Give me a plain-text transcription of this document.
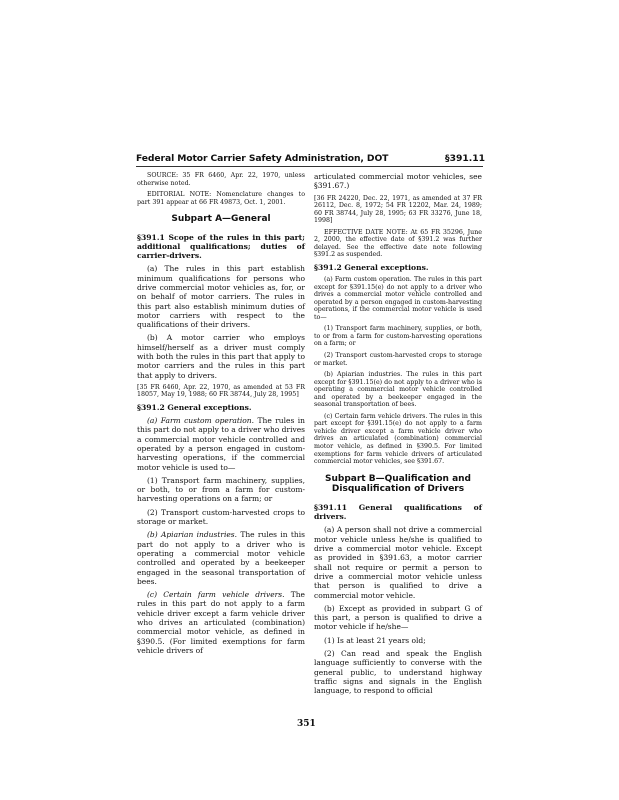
Federal Motor Carrier Safety Administration, DOT	§391.11

SOURCE: 35 FR 6460, Apr. 22, 1970, unless otherwise noted.

EDITORIAL NOTE: Nomenclature changes to part 391 appear at 66 FR 49873, Oct. 1, 2001.

Subpart A—General

§391.1 Scope of the rules in this part; additional qualifications; duties of carrier-drivers.

(a) The rules in this part establish minimum qualifications for persons who drive commercial motor vehicles as, for, or on behalf of motor carriers. The rules in this part also establish minimum duties of motor carriers with respect to the qualifications of their drivers.

(b) A motor carrier who employs himself/herself as a driver must comply with both the rules in this part that apply to motor carriers and the rules in this part that apply to drivers.

[35 FR 6460, Apr. 22, 1970, as amended at 53 FR 18057, May 19, 1988; 60 FR 38744, July 28, 1995]

§391.2 General exceptions.

(a) Farm custom operation. The rules in this part do not apply to a driver who drives a commercial motor vehicle controlled and operated by a person engaged in custom-harvesting operations, if the commercial motor vehicle is used to—

(1) Transport farm machinery, supplies, or both, to or from a farm for custom-harvesting operations on a farm; or

(2) Transport custom-harvested crops to storage or market.

(b) Apiarian industries. The rules in this part do not apply to a driver who is operating a commercial motor vehicle controlled and operated by a beekeeper engaged in the seasonal transportation of bees.

(c) Certain farm vehicle drivers. The rules in this part do not apply to a farm vehicle driver except a farm vehicle driver who drives an articulated (combination) commercial motor vehicle, as defined in §390.5. (For limited exemptions for farm vehicle drivers of

articulated commercial motor vehicles, see §391.67.)

[36 FR 24220, Dec. 22, 1971, as amended at 37 FR 26112, Dec. 8, 1972; 54 FR 12202, Mar. 24, 1989; 60 FR 38744, July 28, 1995; 63 FR 33276, June 18, 1998]

EFFECTIVE DATE NOTE: At 65 FR 35296, June 2, 2000, the effective date of §391.2 was further delayed. See the effective date note following §391.2 as suspended.

§391.2 General exceptions.

(a) Farm custom operation. The rules in this part except for §391.15(e) do not apply to a driver who drives a commercial motor vehicle controlled and operated by a person engaged in custom-harvesting operations, if the commercial motor vehicle is used to—

(1) Transport farm machinery, supplies, or both, to or from a farm for custom-harvesting operations on a farm; or

(2) Transport custom-harvested crops to storage or market.

(b) Apiarian industries. The rules in this part except for §391.15(e) do not apply to a driver who is operating a commercial motor vehicle controlled and operated by a beekeeper engaged in the seasonal transportation of bees.

(c) Certain farm vehicle drivers. The rules in this part except for §391.15(e) do not apply to a farm vehicle driver except a farm vehicle driver who drives an articulated (combination) commercial motor vehicle, as defined in §390.5. For limited exemptions for farm vehicle drivers of articulated commercial motor vehicles, see §391.67.

Subpart B—Qualification and Disqualification of Drivers

§391.11 General qualifications of drivers.

(a) A person shall not drive a commercial motor vehicle unless he/she is qualified to drive a commercial motor vehicle. Except as provided in §391.63, a motor carrier shall not require or permit a person to drive a commercial motor vehicle unless that person is qualified to drive a commercial motor vehicle.

(b) Except as provided in subpart G of this part, a person is qualified to drive a motor vehicle if he/she—

(1) Is at least 21 years old;

(2) Can read and speak the English language sufficiently to converse with the general public, to understand highway traffic signs and signals in the English language, to respond to official

351
